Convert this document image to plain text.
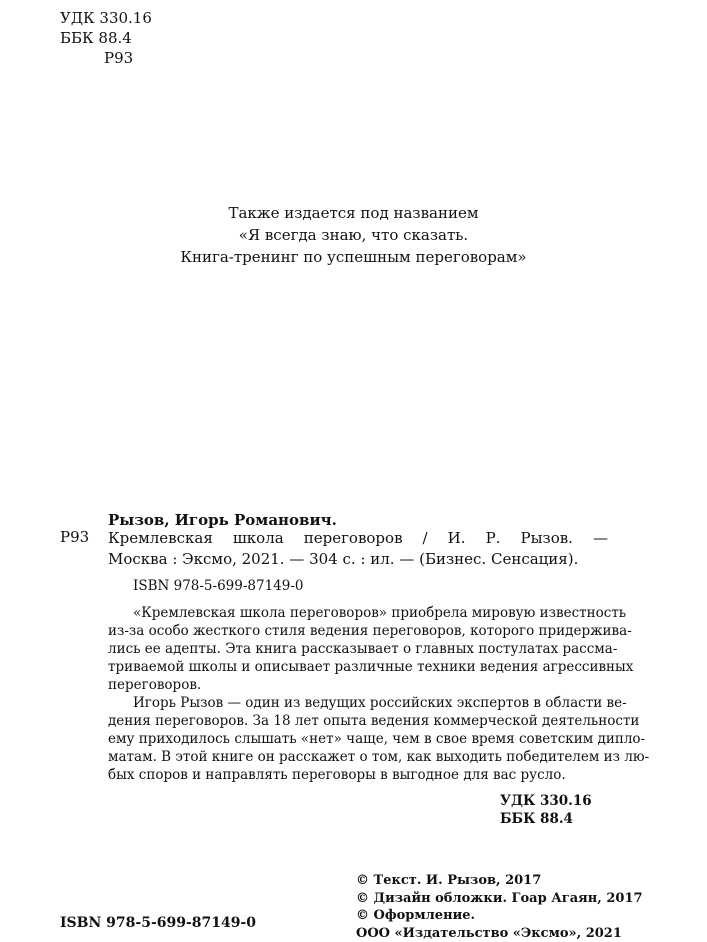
УДК 330.16
ББК 88.4
Р93
Также издается под названием
«Я всегда знаю, что сказать.
Книга-тренинг по успешным переговорам»
Рызов, Игорь Романович.
Р93 Кремлевская школа переговоров / И. Р. Рызов. —
Москва : Эксмо, 2021. — 304 с. : ил. — (Бизнес. Сенсация).
ISBN 978-5-699-87149-0
«Кремлевская школа переговоров» приобрела мировую известность
из-за особо жесткого стиля ведения переговоров, которого придерживa-
лись ее адепты. Эта книга рассказывает о главных постулатах рассма-
триваемой школы и описывает различные техники ведения агрессивных
переговоров.
Игорь Рызов — один из ведущих российских экспертов в области ве-
дения переговоров. За 18 лет опыта ведения коммерческой деятельности
ему приходилось слышать «нет» чаще, чем в свое время советским дипло-
матам. В этой книге он расскажет о том, как выходить победителем из лю-
бых споров и направлять переговоры в выгодное для вас русло.
УДК 330.16
ББК 88.4
ISBN 978-5-699-87149-0
© Текст. И. Рызов, 2017
© Дизайн обложки. Гоар Агаян, 2017
© Оформление.
ООО «Издательство «Эксмо», 2021
